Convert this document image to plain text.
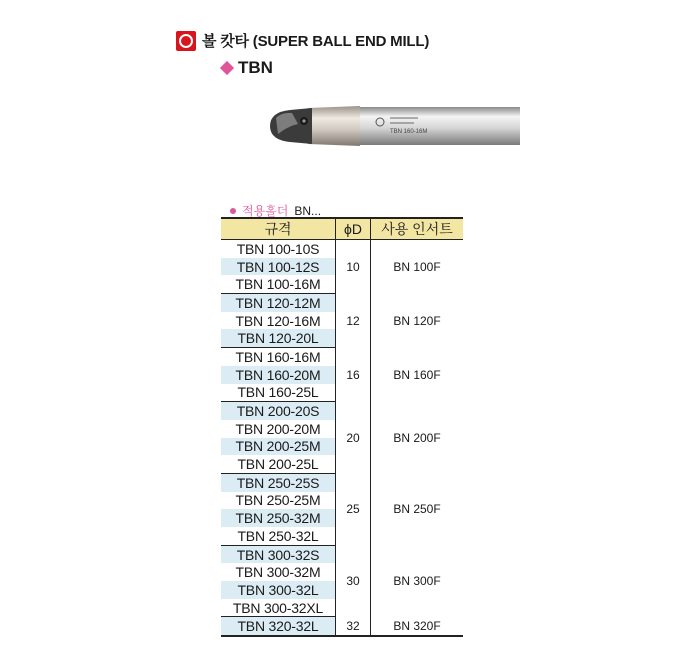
볼 캇타 (SUPER BALL END MILL)
TBN
TBN 160-16M
적용홀더 BN...
규격	ϕD	사용 인서트
TBN 100-10S	10	BN 100F
TBN 100-12S		
TBN 100-16M		
TBN 120-12M	12	BN 120F
TBN 120-16M		
TBN 120-20L		
TBN 160-16M	16	BN 160F
TBN 160-20M		
TBN 160-25L		
TBN 200-20S	20	BN 200F
TBN 200-20M		
TBN 200-25M		
TBN 200-25L		
TBN 250-25S	25	BN 250F
TBN 250-25M		
TBN 250-32M		
TBN 250-32L		
TBN 300-32S	30	BN 300F
TBN 300-32M		
TBN 300-32L		
TBN 300-32XL		
TBN 320-32L	32	BN 320F
